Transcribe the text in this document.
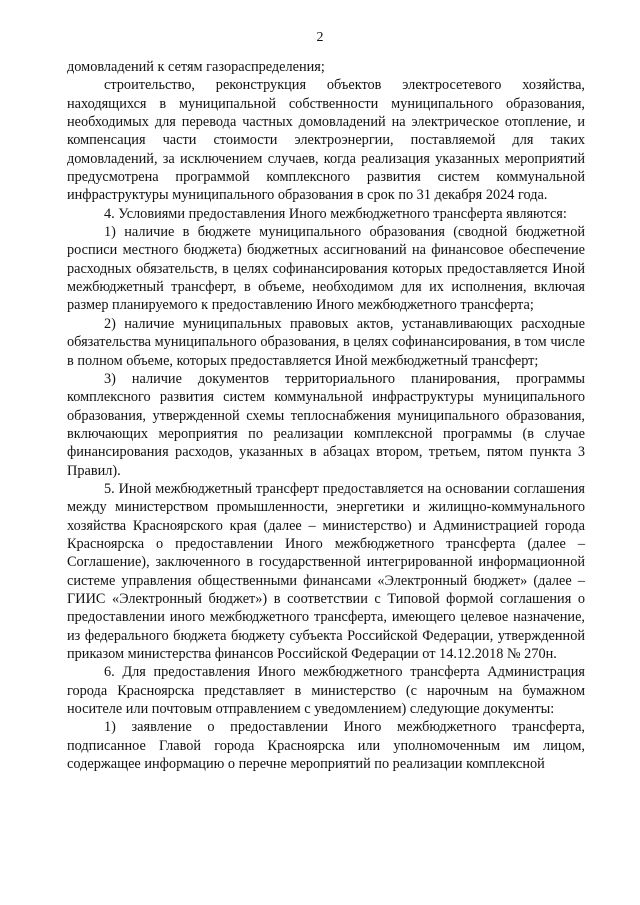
2

домовладений к сетям газораспределения;

строительство, реконструкция объектов электросетевого хозяйства, находящихся в муниципальной собственности муниципального образования, необходимых для перевода частных домовладений на электрическое отопление, и компенсация части стоимости электроэнергии, поставляемой для таких домовладений, за исключением случаев, когда реализация указанных мероприятий предусмотрена программой комплексного развития систем коммунальной инфраструктуры муниципального образования в срок по 31 декабря 2024 года.

4. Условиями предоставления Иного межбюджетного трансферта являются:

1) наличие в бюджете муниципального образования (сводной бюджетной росписи местного бюджета) бюджетных ассигнований на финансовое обеспечение расходных обязательств, в целях софинансирования которых предоставляется Иной межбюджетный трансферт, в объеме, необходимом для их исполнения, включая размер планируемого к предоставлению Иного межбюджетного трансферта;

2) наличие муниципальных правовых актов, устанавливающих расходные обязательства муниципального образования, в целях софинансирования, в том числе в полном объеме, которых предоставляется Иной межбюджетный трансферт;

3) наличие документов территориального планирования, программы комплексного развития систем коммунальной инфраструктуры муниципального образования, утвержденной схемы теплоснабжения муниципального образования, включающих мероприятия по реализации комплексной программы (в случае финансирования расходов, указанных в абзацах втором, третьем, пятом пункта 3 Правил).

5. Иной межбюджетный трансферт предоставляется на основании соглашения между министерством промышленности, энергетики и жилищно-коммунального хозяйства Красноярского края (далее – министерство) и Администрацией города Красноярска о предоставлении Иного межбюджетного трансферта (далее – Соглашение), заключенного в государственной интегрированной информационной системе управления общественными финансами «Электронный бюджет» (далее – ГИИС «Электронный бюджет») в соответствии с Типовой формой соглашения о предоставлении иного межбюджетного трансферта, имеющего целевое назначение, из федерального бюджета бюджету субъекта Российской Федерации, утвержденной приказом министерства финансов Российской Федерации от 14.12.2018 № 270н.

6. Для предоставления Иного межбюджетного трансферта Администрация города Красноярска представляет в министерство (с нарочным на бумажном носителе или почтовым отправлением с уведомлением) следующие документы:

1) заявление о предоставлении Иного межбюджетного трансферта, подписанное Главой города Красноярска или уполномоченным им лицом, содержащее информацию о перечне мероприятий по реализации комплексной
